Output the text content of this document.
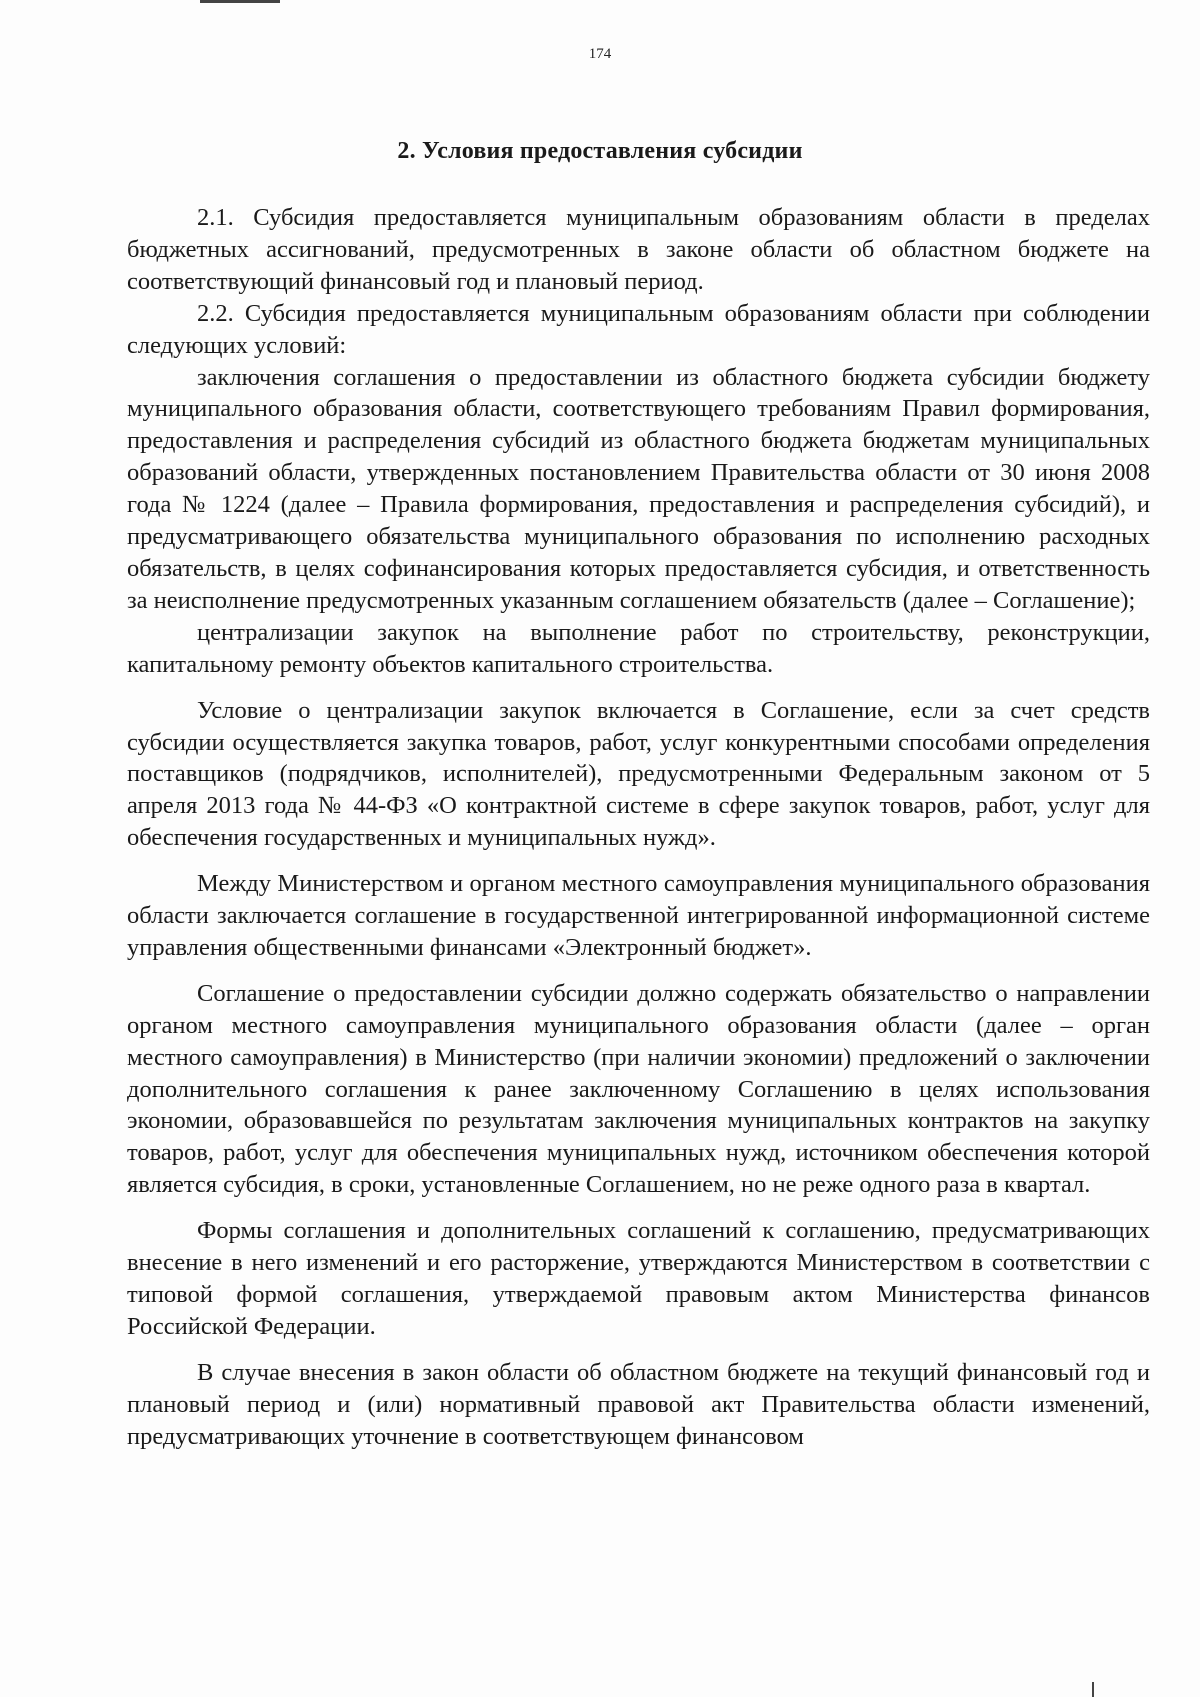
174
2. Условия предоставления субсидии

2.1. Субсидия предоставляется муниципальным образованиям области в пределах бюджетных ассигнований, предусмотренных в законе области об областном бюджете на соответствующий финансовый год и плановый период.

2.2. Субсидия предоставляется муниципальным образованиям области при соблюдении следующих условий:

заключения соглашения о предоставлении из областного бюджета субсидии бюджету муниципального образования области, соответствующего требованиям Правил формирования, предоставления и распределения субсидий из областного бюджета бюджетам муниципальных образований области, утвержденных постановлением Правительства области от 30 июня 2008 года № 1224 (далее – Правила формирования, предоставления и распределения субсидий), и предусматривающего обязательства муниципального образования по исполнению расходных обязательств, в целях софинансирования которых предоставляется субсидия, и ответственность за неисполнение предусмотренных указанным соглашением обязательств (далее – Соглашение);

централизации закупок на выполнение работ по строительству, реконструкции, капитальному ремонту объектов капитального строительства.

Условие о централизации закупок включается в Соглашение, если за счет средств субсидии осуществляется закупка товаров, работ, услуг конкурентными способами определения поставщиков (подрядчиков, исполнителей), предусмотренными Федеральным законом от 5 апреля 2013 года № 44-ФЗ «О контрактной системе в сфере закупок товаров, работ, услуг для обеспечения государственных и муниципальных нужд».

Между Министерством и органом местного самоуправления муниципального образования области заключается соглашение в государственной интегрированной информационной системе управления общественными финансами «Электронный бюджет».

Соглашение о предоставлении субсидии должно содержать обязательство о направлении органом местного самоуправления муниципального образования области (далее – орган местного самоуправления) в Министерство (при наличии экономии) предложений о заключении дополнительного соглашения к ранее заключенному Соглашению в целях использования экономии, образовавшейся по результатам заключения муниципальных контрактов на закупку товаров, работ, услуг для обеспечения муниципальных нужд, источником обеспечения которой является субсидия, в сроки, установленные Соглашением, но не реже одного раза в квартал.

Формы соглашения и дополнительных соглашений к соглашению, предусматривающих внесение в него изменений и его расторжение, утверждаются Министерством в соответствии с типовой формой соглашения, утверждаемой правовым актом Министерства финансов Российской Федерации.

В случае внесения в закон области об областном бюджете на текущий финансовый год и плановый период и (или) нормативный правовой акт Правительства области изменений, предусматривающих уточнение в соответствующем финансовом
